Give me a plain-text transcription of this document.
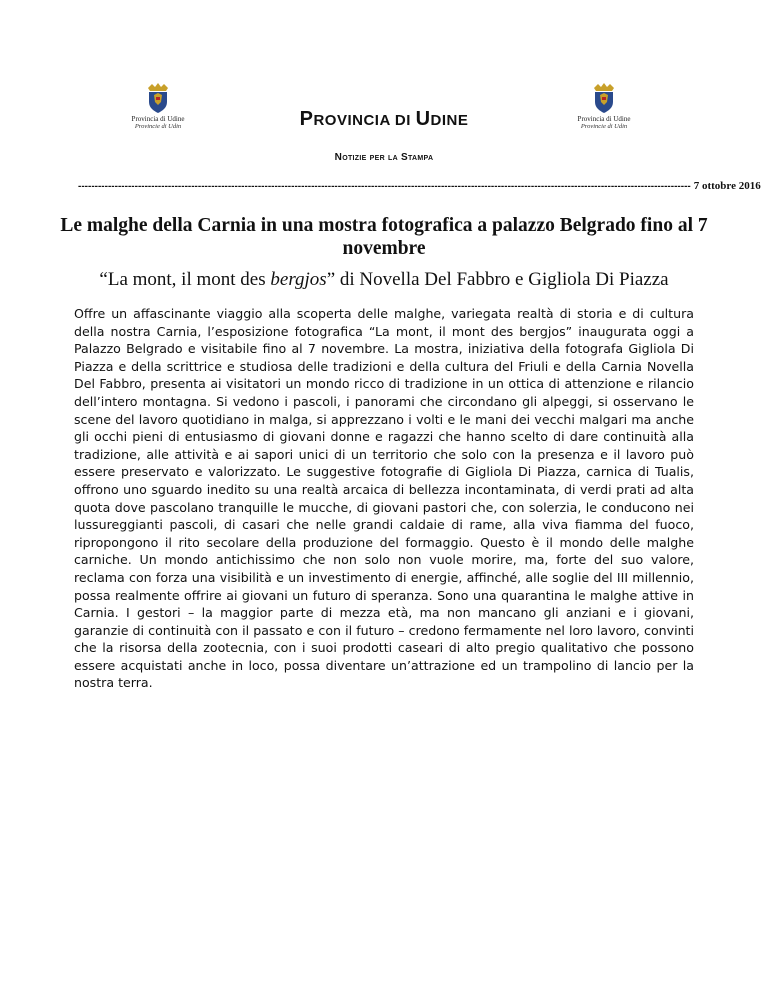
Provincia di Udine
Provincie di Udin
Provincia di Udine
Provincie di Udin
PROVINCIA DI UDINE
Notizie per la Stampa
---------------------------------------------------------------------------------------------------------------------------------------------------------------------------------------- 7 ottobre 2016
Le malghe della Carnia in una mostra fotografica a palazzo Belgrado fino al 7 novembre
“La mont, il mont des bergjos” di Novella Del Fabbro e Gigliola Di Piazza
Offre un affascinante viaggio alla scoperta delle malghe, variegata realtà di storia e di cultura della nostra Carnia, l’esposizione fotografica “La mont, il mont des bergjos” inaugurata oggi a Palazzo Belgrado e visitabile fino al 7 novembre. La mostra, iniziativa della fotografa Gigliola Di Piazza e della scrittrice e studiosa delle tradizioni e della cultura del Friuli e della Carnia Novella Del Fabbro, presenta ai visitatori un mondo ricco di tradizione in un ottica di attenzione e rilancio dell’intero montagna. Si vedono i pascoli, i panorami che circondano gli alpeggi, si osservano le scene del lavoro quotidiano in malga, si apprezzano i volti e le mani dei vecchi malgari ma anche gli occhi pieni di entusiasmo di giovani donne e ragazzi che hanno scelto di dare continuità alla tradizione, alle attività e ai sapori unici di un territorio che solo con la presenza e il lavoro può essere preservato e valorizzato. Le suggestive fotografie di Gigliola Di Piazza, carnica di Tualis, offrono uno sguardo inedito su una realtà arcaica di bellezza incontaminata, di verdi prati ad alta quota dove pascolano tranquille le mucche, di giovani pastori che, con solerzia, le conducono nei lussureggianti pascoli, di casari che nelle grandi caldaie di rame, alla viva fiamma del fuoco, ripropongono il rito secolare della produzione del formaggio. Questo è il mondo delle malghe carniche. Un mondo antichissimo che non solo non vuole morire, ma, forte del suo valore, reclama con forza una visibilità e un investimento di energie, affinché, alle soglie del III millennio, possa realmente offrire ai giovani un futuro di speranza. Sono una quarantina le malghe attive in Carnia. I gestori – la maggior parte di mezza età, ma non mancano gli anziani e i giovani, garanzie di continuità con il passato e con il futuro – credono fermamente nel loro lavoro, convinti che la risorsa della zootecnia, con i suoi prodotti caseari di alto pregio qualitativo che possono essere acquistati anche in loco, possa diventare un’attrazione ed un trampolino di lancio per la nostra terra.
